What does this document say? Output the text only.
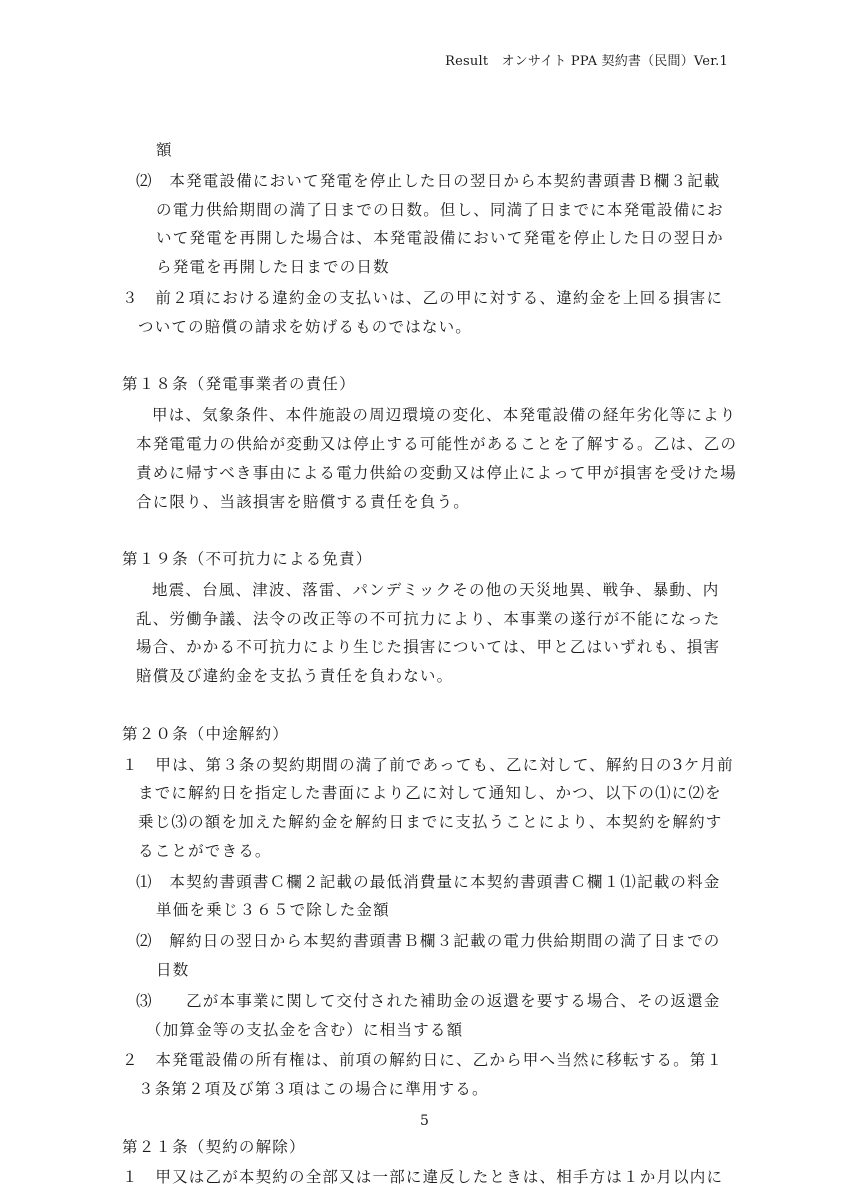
Result　オンサイト PPA 契約書（民間）Ver.1
額
⑵　本発電設備において発電を停止した日の翌日から本契約書頭書Ｂ欄３記載
の電力供給期間の満了日までの日数。但し、同満了日までに本発電設備にお
いて発電を再開した場合は、本発電設備において発電を停止した日の翌日か
ら発電を再開した日までの日数
３　前２項における違約金の支払いは、乙の甲に対する、違約金を上回る損害に
ついての賠償の請求を妨げるものではない。
第１８条（発電事業者の責任）
甲は、気象条件、本件施設の周辺環境の変化、本発電設備の経年劣化等により
本発電電力の供給が変動又は停止する可能性があることを了解する。乙は、乙の
責めに帰すべき事由による電力供給の変動又は停止によって甲が損害を受けた場
合に限り、当該損害を賠償する責任を負う。
第１９条（不可抗力による免責）
地震、台風、津波、落雷、パンデミックその他の天災地異、戦争、暴動、内
乱、労働争議、法令の改正等の不可抗力により、本事業の遂行が不能になった
場合、かかる不可抗力により生じた損害については、甲と乙はいずれも、損害
賠償及び違約金を支払う責任を負わない。
第２０条（中途解約）
１　甲は、第３条の契約期間の満了前であっても、乙に対して、解約日の3ケ月前
までに解約日を指定した書面により乙に対して通知し、かつ、以下の⑴に⑵を
乗じ⑶の額を加えた解約金を解約日までに支払うことにより、本契約を解約す
ることができる。
⑴　本契約書頭書Ｃ欄２記載の最低消費量に本契約書頭書Ｃ欄１⑴記載の料金
単価を乗じ３６５で除した金額
⑵　解約日の翌日から本契約書頭書Ｂ欄３記載の電力供給期間の満了日までの
日数
⑶　　乙が本事業に関して交付された補助金の返還を要する場合、その返還金
（加算金等の支払金を含む）に相当する額
２　本発電設備の所有権は、前項の解約日に、乙から甲へ当然に移転する。第１
３条第２項及び第３項はこの場合に準用する。
第２１条（契約の解除）
１　甲又は乙が本契約の全部又は一部に違反したときは、相手方は１か月以内に
5
